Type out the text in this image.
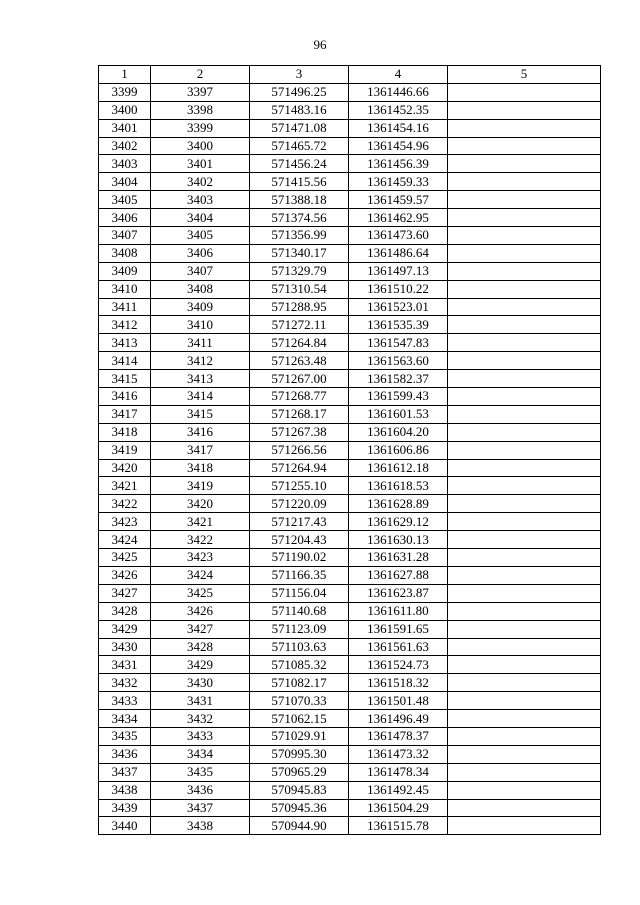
96
1	2	3	4	5
3399	3397	571496.25	1361446.66	
3400	3398	571483.16	1361452.35	
3401	3399	571471.08	1361454.16	
3402	3400	571465.72	1361454.96	
3403	3401	571456.24	1361456.39	
3404	3402	571415.56	1361459.33	
3405	3403	571388.18	1361459.57	
3406	3404	571374.56	1361462.95	
3407	3405	571356.99	1361473.60	
3408	3406	571340.17	1361486.64	
3409	3407	571329.79	1361497.13	
3410	3408	571310.54	1361510.22	
3411	3409	571288.95	1361523.01	
3412	3410	571272.11	1361535.39	
3413	3411	571264.84	1361547.83	
3414	3412	571263.48	1361563.60	
3415	3413	571267.00	1361582.37	
3416	3414	571268.77	1361599.43	
3417	3415	571268.17	1361601.53	
3418	3416	571267.38	1361604.20	
3419	3417	571266.56	1361606.86	
3420	3418	571264.94	1361612.18	
3421	3419	571255.10	1361618.53	
3422	3420	571220.09	1361628.89	
3423	3421	571217.43	1361629.12	
3424	3422	571204.43	1361630.13	
3425	3423	571190.02	1361631.28	
3426	3424	571166.35	1361627.88	
3427	3425	571156.04	1361623.87	
3428	3426	571140.68	1361611.80	
3429	3427	571123.09	1361591.65	
3430	3428	571103.63	1361561.63	
3431	3429	571085.32	1361524.73	
3432	3430	571082.17	1361518.32	
3433	3431	571070.33	1361501.48	
3434	3432	571062.15	1361496.49	
3435	3433	571029.91	1361478.37	
3436	3434	570995.30	1361473.32	
3437	3435	570965.29	1361478.34	
3438	3436	570945.83	1361492.45	
3439	3437	570945.36	1361504.29	
3440	3438	570944.90	1361515.78	
